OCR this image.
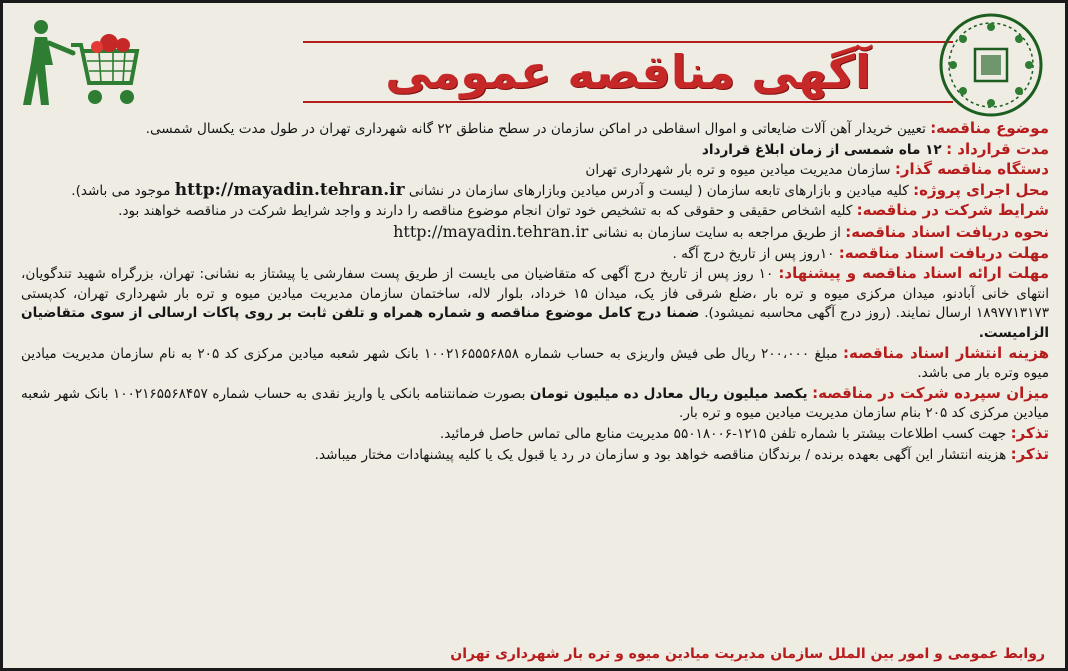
آگهی مناقصه عمومی

موضوع مناقصه: تعیین خریدار آهن آلات ضایعاتی و اموال اسقاطی در اماکن سازمان در سطح مناطق ۲۲ گانه شهرداری تهران در طول مدت یکسال شمسی.

مدت قرارداد : ۱۲ ماه شمسی از زمان ابلاغ قرارداد

دستگاه مناقصه گذار: سازمان مدیریت میادین میوه و تره بار شهرداری تهران

محل اجرای پروژه: کلیه میادین و بازارهای تابعه سازمان ( لیست و آدرس میادین وبازارهای سازمان در نشانی http://mayadin.tehran.ir موجود می باشد).

شرایط شرکت در مناقصه: کلیه اشخاص حقیقی و حقوقی که به تشخیص خود توان انجام موضوع مناقصه را دارند و واجد شرایط شرکت در مناقصه خواهند بود.

نحوه دریافت اسناد مناقصه: از طریق مراجعه به سایت سازمان به نشانی http://mayadin.tehran.ir

مهلت دریافت اسناد مناقصه: ۱۰روز پس از تاریخ درج آگه .

مهلت ارائه اسناد مناقصه و پیشنهاد: ۱۰ روز پس از تاریخ درج آگهی که متقاضیان می بایست از طریق پست سفارشی یا پیشتاز به نشانی: تهران، بزرگراه شهید تندگویان، انتهای خانی آبادنو، میدان مرکزی میوه و تره بار ،ضلع شرقی فاز یک، میدان ۱۵ خرداد، بلوار لاله، ساختمان سازمان مدیریت میادین میوه و تره بار شهرداری تهران، کدپستی ۱۸۹۷۷۱۳۱۷۳ ارسال نمایند. (روز درج آگهی محاسبه نمیشود). ضمنا درج کامل موضوع مناقصه و شماره همراه و تلفن ثابت بر روی پاکات ارسالی از سوی متقاضیان الزامیست.

هزینه انتشار اسناد مناقصه: مبلغ ۲۰۰،۰۰۰ ریال طی فیش واریزی به حساب شماره ۱۰۰۲۱۶۵۵۵۶۸۵۸ بانک شهر شعبه میادین مرکزی کد ۲۰۵ به نام سازمان مدیریت میادین میوه وتره بار می باشد.

میزان سپرده شرکت در مناقصه: یکصد میلیون ریال معادل ده میلیون تومان بصورت ضمانتنامه بانکی یا واریز نقدی به حساب شماره ۱۰۰۲۱۶۵۵۶۸۴۵۷ بانک شهر شعبه میادین مرکزی کد ۲۰۵ بنام سازمان مدیریت میادین میوه و تره بار.

تذکر: جهت کسب اطلاعات بیشتر با شماره تلفن ۱۲۱۵-۵۵۰۱۸۰۰۶ مدیریت منابع مالی تماس حاصل فرمائید.

تذکر: هزینه انتشار این آگهی بعهده برنده / برندگان مناقصه خواهد بود و سازمان در رد یا قبول یک یا کلیه پیشنهادات مختار میباشد.

روابط عمومی و امور بین الملل سازمان مدیریت میادین میوه و تره بار شهرداری تهران
